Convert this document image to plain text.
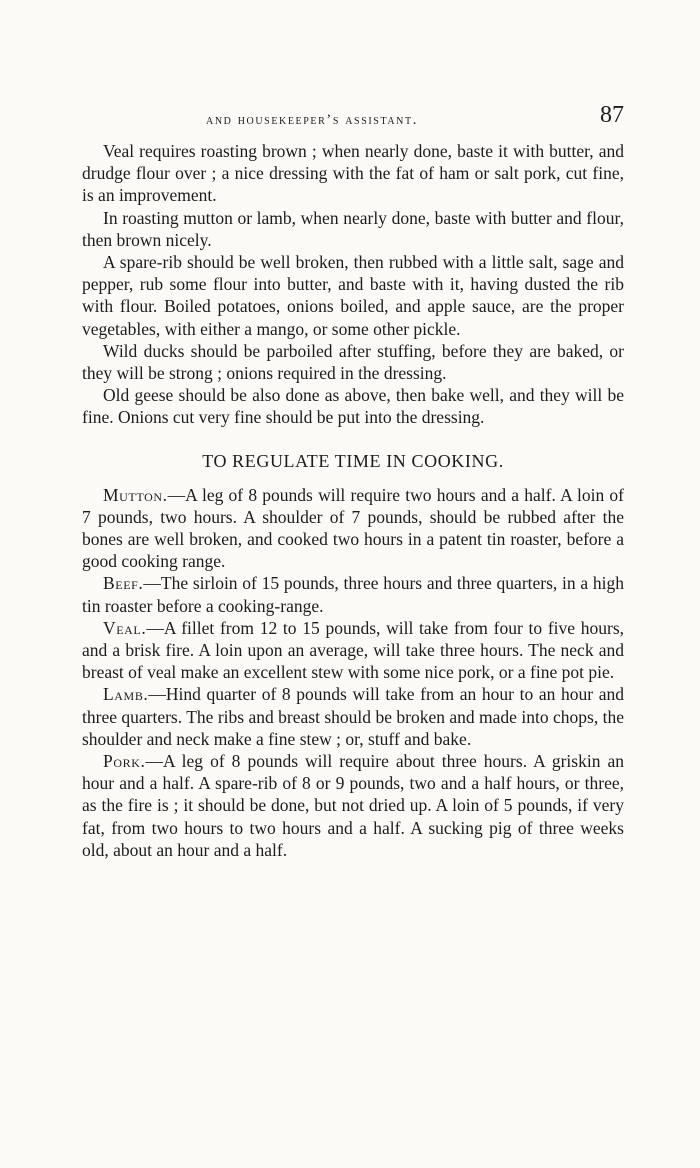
and housekeeper’s assistant.	87

Veal requires roasting brown ; when nearly done, baste it with butter, and drudge flour over ; a nice dressing with the fat of ham or salt pork, cut fine, is an improvement.

In roasting mutton or lamb, when nearly done, baste with butter and flour, then brown nicely.

A spare-rib should be well broken, then rubbed with a little salt, sage and pepper, rub some flour into butter, and baste with it, having dusted the rib with flour. Boiled potatoes, onions boiled, and apple sauce, are the proper vegetables, with either a mango, or some other pickle.

Wild ducks should be parboiled after stuffing, before they are baked, or they will be strong ; onions required in the dressing.

Old geese should be also done as above, then bake well, and they will be fine. Onions cut very fine should be put into the dressing.

TO REGULATE TIME IN COOKING.

Mutton.—A leg of 8 pounds will require two hours and a half. A loin of 7 pounds, two hours. A shoulder of 7 pounds, should be rubbed after the bones are well broken, and cooked two hours in a patent tin roaster, before a good cooking range.

Beef.—The sirloin of 15 pounds, three hours and three quarters, in a high tin roaster before a cooking-range.

Veal.—A fillet from 12 to 15 pounds, will take from four to five hours, and a brisk fire. A loin upon an average, will take three hours. The neck and breast of veal make an excellent stew with some nice pork, or a fine pot pie.

Lamb.—Hind quarter of 8 pounds will take from an hour to an hour and three quarters. The ribs and breast should be broken and made into chops, the shoulder and neck make a fine stew ; or, stuff and bake.

Pork.—A leg of 8 pounds will require about three hours. A griskin an hour and a half. A spare-rib of 8 or 9 pounds, two and a half hours, or three, as the fire is ; it should be done, but not dried up. A loin of 5 pounds, if very fat, from two hours to two hours and a half. A sucking pig of three weeks old, about an hour and a half.
